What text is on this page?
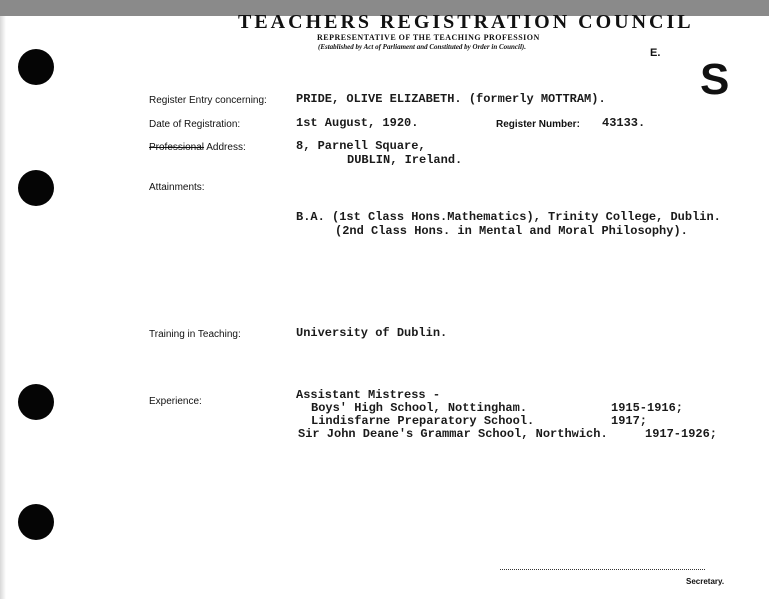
TEACHERS REGISTRATION COUNCIL
REPRESENTATIVE OF THE TEACHING PROFESSION
(Established by Act of Parliament and Constituted by Order in Council).	E.
S
Register Entry concerning: PRIDE, OLIVE ELIZABETH. (formerly MOTTRAM).
Date of Registration:	1st August, 1920.	Register Number: 43133.
Professional Address:	8, Parnell Square,
DUBLIN, Ireland.
Attainments:
B.A. (1st Class Hons.Mathematics), Trinity College, Dublin.
(2nd Class Hons. in Mental and Moral Philosophy).
Training in Teaching:	University of Dublin.
Experience:	Assistant Mistress -
Boys' High School, Nottingham.	1915-1916;
Lindisfarne Preparatory School.	1917;
Sir John Deane's Grammar School, Northwich.	1917-1926;
Secretary.
